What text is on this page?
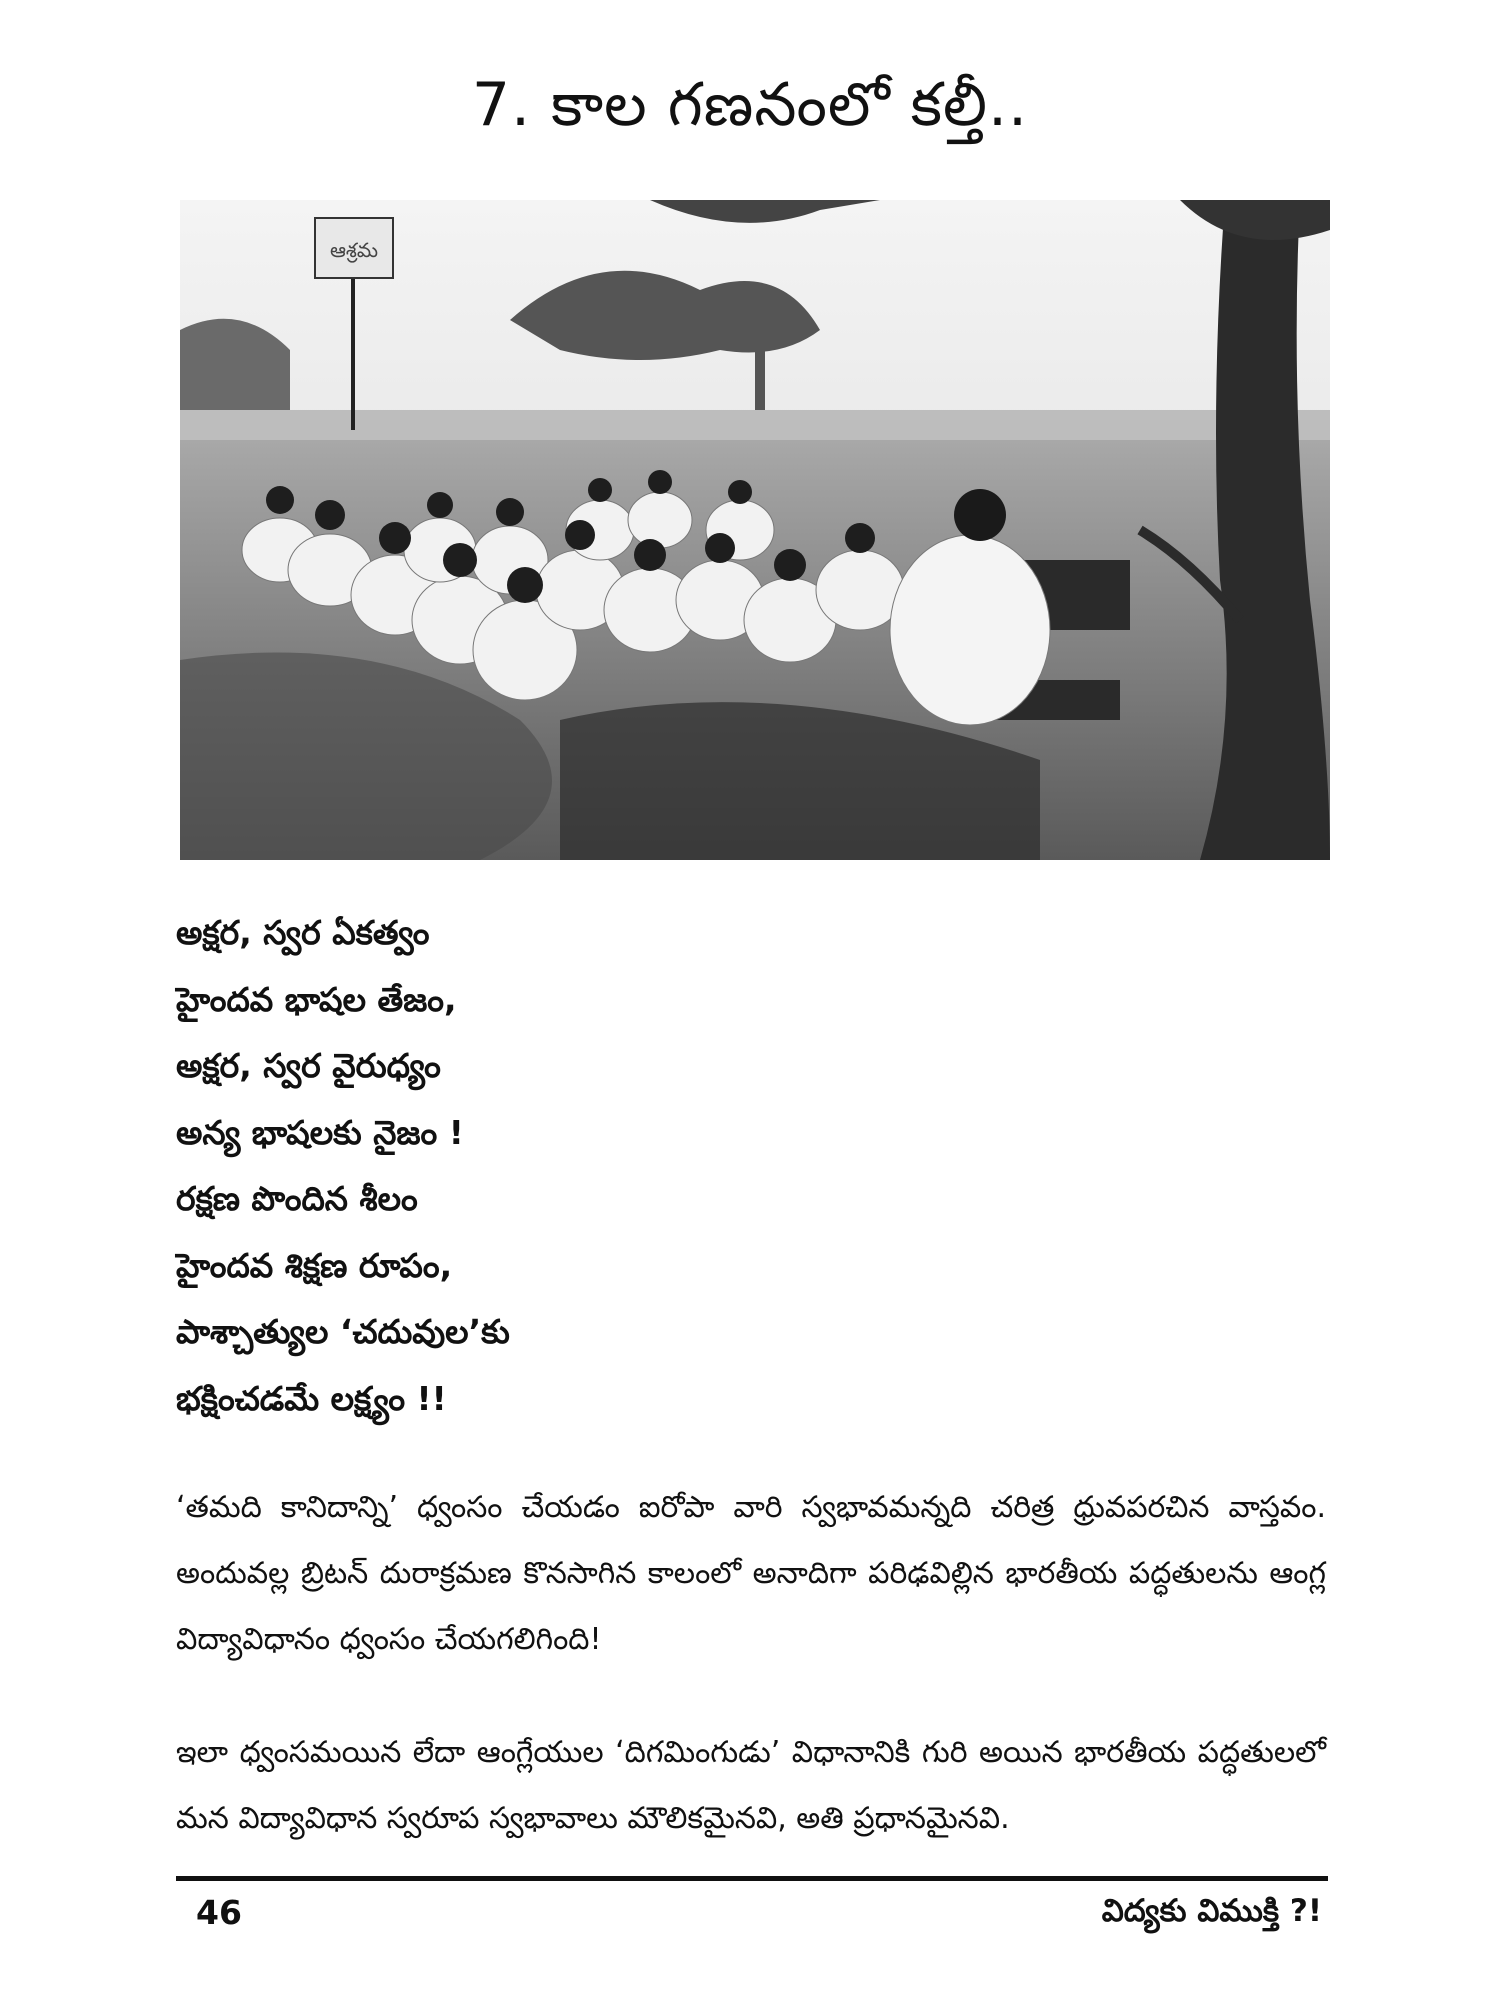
7. కాల గణనంలో కల్తీ..
ఆశ్రమ
అక్షర, స్వర ఏకత్వం
హైందవ భాషల తేజం,
అక్షర, స్వర వైరుధ్యం
అన్య భాషలకు నైజం !
రక్షణ పొందిన శీలం
హైందవ శిక్షణ రూపం,
పాశ్చాత్యుల ‘చదువుల’కు
భక్షించడమే లక్ష్యం !!

‘తమది కానిదాన్ని’ ధ్వంసం చేయడం ఐరోపా వారి స్వభావమన్నది చరిత్ర ధ్రువపరచిన వాస్తవం. అందువల్ల బ్రిటన్ దురాక్రమణ కొనసాగిన కాలంలో అనాదిగా పరిఢవిల్లిన భారతీయ పద్ధతులను ఆంగ్ల విద్యావిధానం ధ్వంసం చేయగలిగింది!

ఇలా ధ్వంసమయిన లేదా ఆంగ్లేయుల ‘దిగమింగుడు’ విధానానికి గురి అయిన భారతీయ పద్ధతులలో మన విద్యావిధాన స్వరూప స్వభావాలు మౌలికమైనవి, అతి ప్రధానమైనవి.

46	విద్యకు విముక్తి ?!
